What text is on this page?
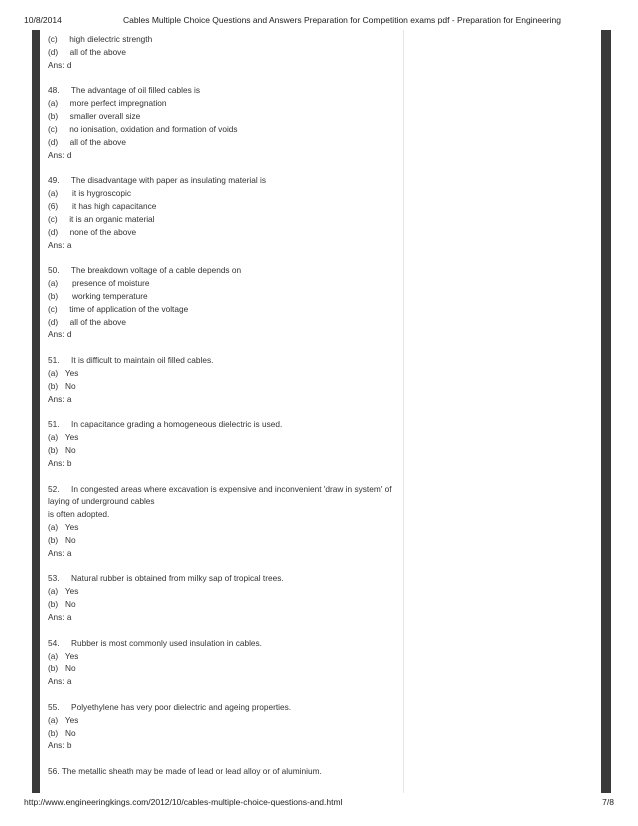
10/8/2014	Cables Multiple Choice Questions and Answers Preparation for Competition exams pdf - Preparation for Engineering
(c)     high dielectric strength
(d)     all of the above
Ans: d
48.     The advantage of oil filled cables is
(a)     more perfect impregnation
(b)     smaller overall size
(c)     no ionisation, oxidation and formation of voids
(d)     all of the above
Ans: d
49.     The disadvantage with paper as insulating material is
(a)      it is hygroscopic
(6)      it has high capacitance
(c)     it is an organic material
(d)     none of the above
Ans: a
50.     The breakdown voltage of a cable depends on
(a)      presence of moisture
(b)      working temperature
(c)     time of application of the voltage
(d)     all of the above
Ans: d
51.     It is difficult to maintain oil filled cables.
(a)   Yes
(b)   No
Ans: a
51.     In capacitance grading a homogeneous dielectric is used.
(a)   Yes
(b)   No
Ans: b
52.     In congested areas where excavation is expensive and inconvenient 'draw in system' of
laying of underground cables
is often adopted.
(a)   Yes
(b)   No
Ans: a
53.     Natural rubber is obtained from milky sap of tropical trees.
(a)   Yes
(b)   No
Ans: a
54.     Rubber is most commonly used insulation in cables.
(a)   Yes
(b)   No
Ans: a
55.     Polyethylene has very poor dielectric and ageing properties.
(a)   Yes
(b)   No
Ans: b
56. The metallic sheath may be made of lead or lead alloy or of aluminium.
http://www.engineeringkings.com/2012/10/cables-multiple-choice-questions-and.html	7/8
